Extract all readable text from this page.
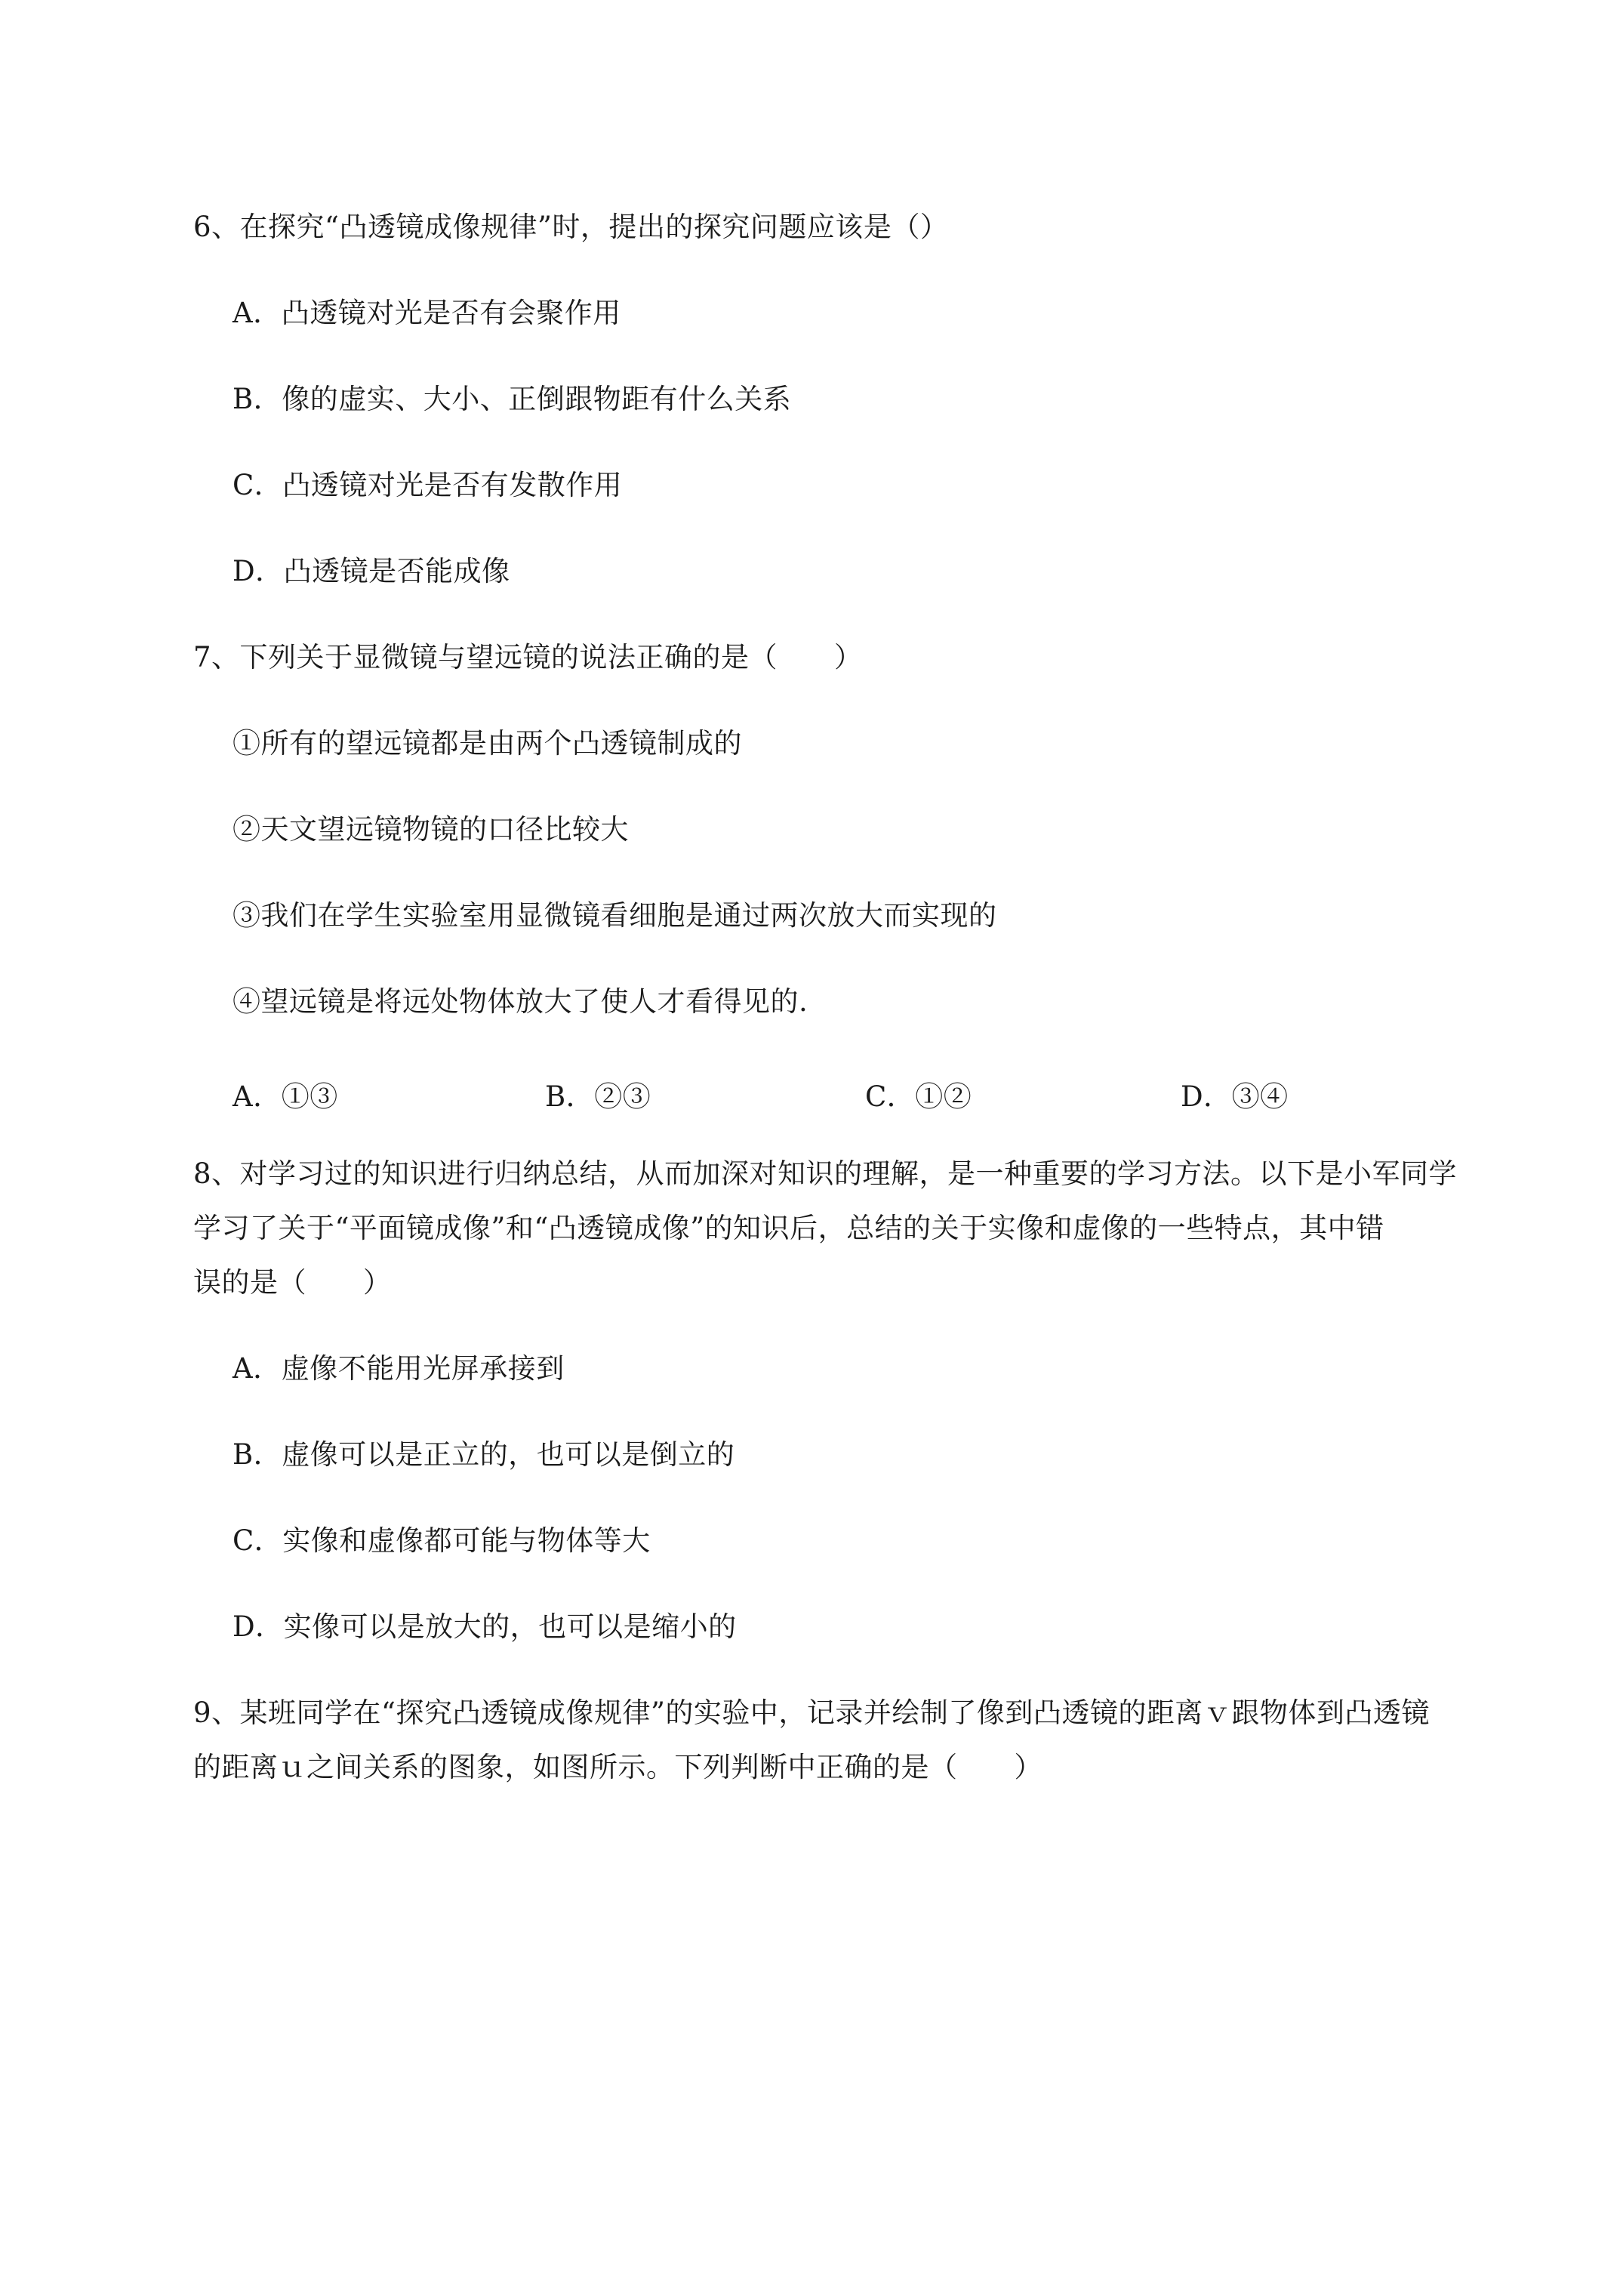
6、在探究“凸透镜成像规律”时，提出的探究问题应该是（）
A．凸透镜对光是否有会聚作用
B．像的虚实、大小、正倒跟物距有什么关系
C．凸透镜对光是否有发散作用
D．凸透镜是否能成像
7、下列关于显微镜与望远镜的说法正确的是（　　）
①所有的望远镜都是由两个凸透镜制成的
②天文望远镜物镜的口径比较大
③我们在学生实验室用显微镜看细胞是通过两次放大而实现的
④望远镜是将远处物体放大了使人才看得见的.
A．①③	B．②③	C．①②	D．③④
8、对学习过的知识进行归纳总结，从而加深对知识的理解，是一种重要的学习方法。以下是小军同学
学习了关于“平面镜成像”和“凸透镜成像”的知识后，总结的关于实像和虚像的一些特点，其中错
误的是（　　）
A．虚像不能用光屏承接到
B．虚像可以是正立的，也可以是倒立的
C．实像和虚像都可能与物体等大
D．实像可以是放大的，也可以是缩小的
9、某班同学在“探究凸透镜成像规律”的实验中，记录并绘制了像到凸透镜的距离ｖ跟物体到凸透镜
的距离ｕ之间关系的图象，如图所示。下列判断中正确的是（　　）
